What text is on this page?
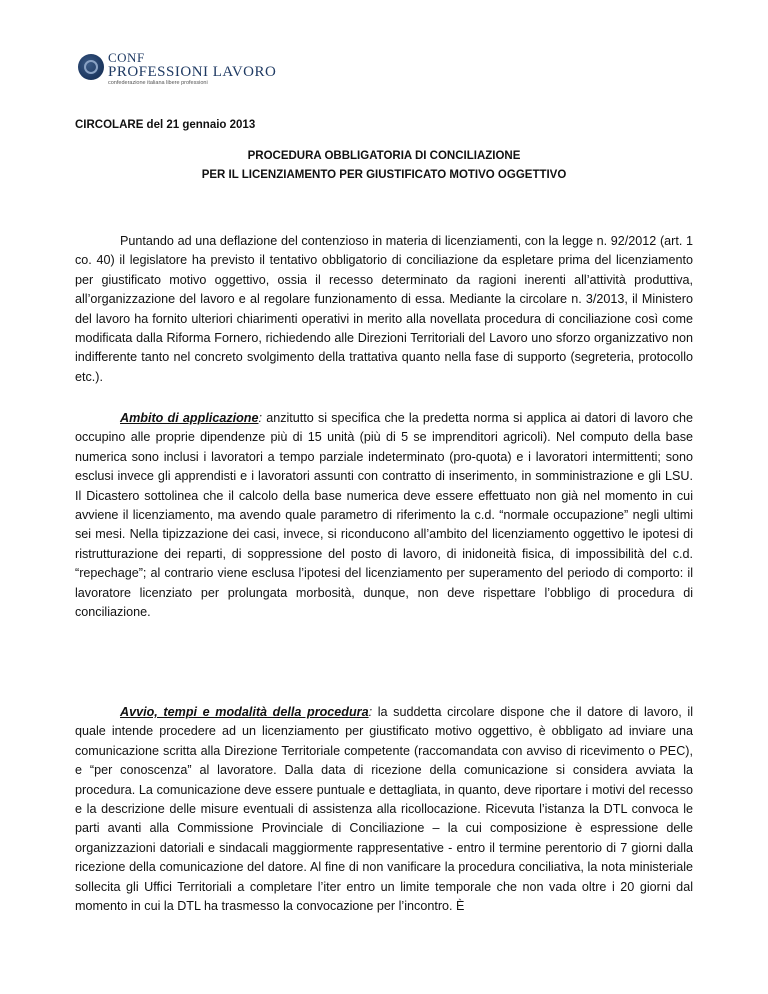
CONF
PROFESSIONI LAVORO
confederazione italiana libere professioni
CIRCOLARE del 21 gennaio 2013
PROCEDURA OBBLIGATORIA DI CONCILIAZIONE
PER IL LICENZIAMENTO PER GIUSTIFICATO MOTIVO OGGETTIVO

Puntando ad una deflazione del contenzioso in materia di licenziamenti, con la legge n. 92/2012 (art. 1 co. 40) il legislatore ha previsto il tentativo obbligatorio di conciliazione da espletare prima del licenziamento per giustificato motivo oggettivo, ossia il recesso determinato da ragioni inerenti all’attività produttiva, all’organizzazione del lavoro e al regolare funzionamento di essa. Mediante la circolare n. 3/2013, il Ministero del lavoro ha fornito ulteriori chiarimenti operativi in merito alla novellata procedura di conciliazione così come modificata dalla Riforma Fornero, richiedendo alle Direzioni Territoriali del Lavoro uno sforzo organizzativo non indifferente tanto nel concreto svolgimento della trattativa quanto nella fase di supporto (segreteria, protocollo etc.).

Ambito di applicazione: anzitutto si specifica che la predetta norma si applica ai datori di lavoro che occupino alle proprie dipendenze più di 15 unità (più di 5 se imprenditori agricoli). Nel computo della base numerica sono inclusi i lavoratori a tempo parziale indeterminato (pro-quota) e i lavoratori intermittenti; sono esclusi invece gli apprendisti e i lavoratori assunti con contratto di inserimento, in somministrazione e gli LSU. Il Dicastero sottolinea che il calcolo della base numerica deve essere effettuato non già nel momento in cui avviene il licenziamento, ma avendo quale parametro di riferimento la c.d. “normale occupazione” negli ultimi sei mesi. Nella tipizzazione dei casi, invece, si riconducono all’ambito del licenziamento oggettivo le ipotesi di ristrutturazione dei reparti, di soppressione del posto di lavoro, di inidoneità fisica, di impossibilità del c.d. “repechage”; al contrario viene esclusa l’ipotesi del licenziamento per superamento del periodo di comporto: il lavoratore licenziato per prolungata morbosità, dunque, non deve rispettare l’obbligo di procedura di conciliazione.

Avvio, tempi e modalità della procedura: la suddetta circolare dispone che il datore di lavoro, il quale intende procedere ad un licenziamento per giustificato motivo oggettivo, è obbligato ad inviare una comunicazione scritta alla Direzione Territoriale competente (raccomandata con avviso di ricevimento o PEC), e “per conoscenza” al lavoratore. Dalla data di ricezione della comunicazione si considera avviata la procedura. La comunicazione deve essere puntuale e dettagliata, in quanto, deve riportare i motivi del recesso e la descrizione delle misure eventuali di assistenza alla ricollocazione. Ricevuta l’istanza la DTL convoca le parti avanti alla Commissione Provinciale di Conciliazione – la cui composizione è espressione delle organizzazioni datoriali e sindacali maggiormente rappresentative - entro il termine perentorio di 7 giorni dalla ricezione della comunicazione del datore. Al fine di non vanificare la procedura conciliativa, la nota ministeriale sollecita gli Uffici Territoriali a completare l’iter entro un limite temporale che non vada oltre i 20 giorni dal momento in cui la DTL ha trasmesso la convocazione per l’incontro. È
